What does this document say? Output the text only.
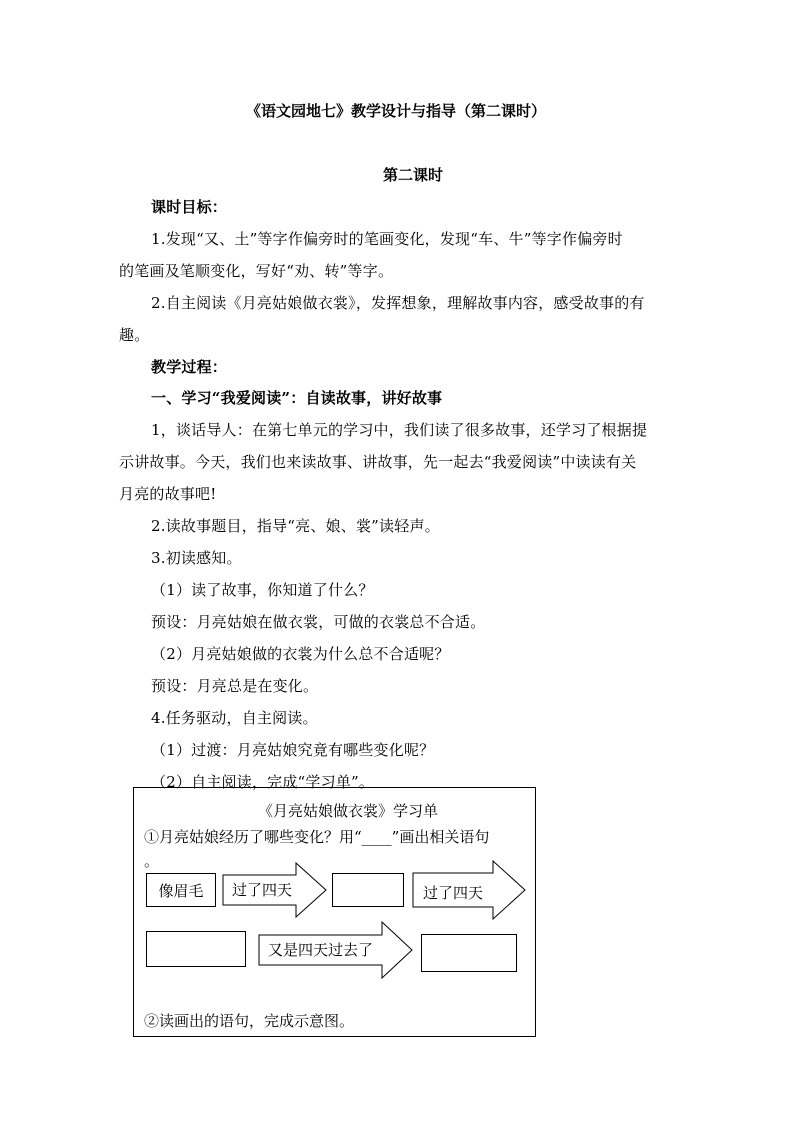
《语文园地七》教学设计与指导（第二课时）
第二课时
课时目标：
1.发现“又、土”等字作偏旁时的笔画变化，发现“车、牛”等字作偏旁时
的笔画及笔顺变化，写好“劝、转”等字。
2.自主阅读《月亮姑娘做衣裳》，发挥想象，理解故事内容，感受故事的有
趣。
教学过程：
一、学习“我爱阅读”：自读故事，讲好故事
1，谈话导人：在第七单元的学习中，我们读了很多故事，还学习了根据提
示讲故事。今天，我们也来读故事、讲故事，先一起去“我爱阅读”中读读有关
月亮的故事吧!
2.读故事题目，指导“亮、娘、裳”读轻声。
3.初读感知。
（1）读了故事，你知道了什么？
预设：月亮姑娘在做衣裳，可做的衣裳总不合适。
（2）月亮姑娘做的衣裳为什么总不合适呢？
预设：月亮总是在变化。
4.任务驱动，自主阅读。
（1）过渡：月亮姑娘究竟有哪些变化呢？
（2）自主阅读，完成“学习单”。
《月亮姑娘做衣裳》学习单
①月亮姑娘经历了哪些变化？用“____”画出相关语句
。
像眉毛	过了四天	过了四天
又是四天过去了
②读画出的语句，完成示意图。
